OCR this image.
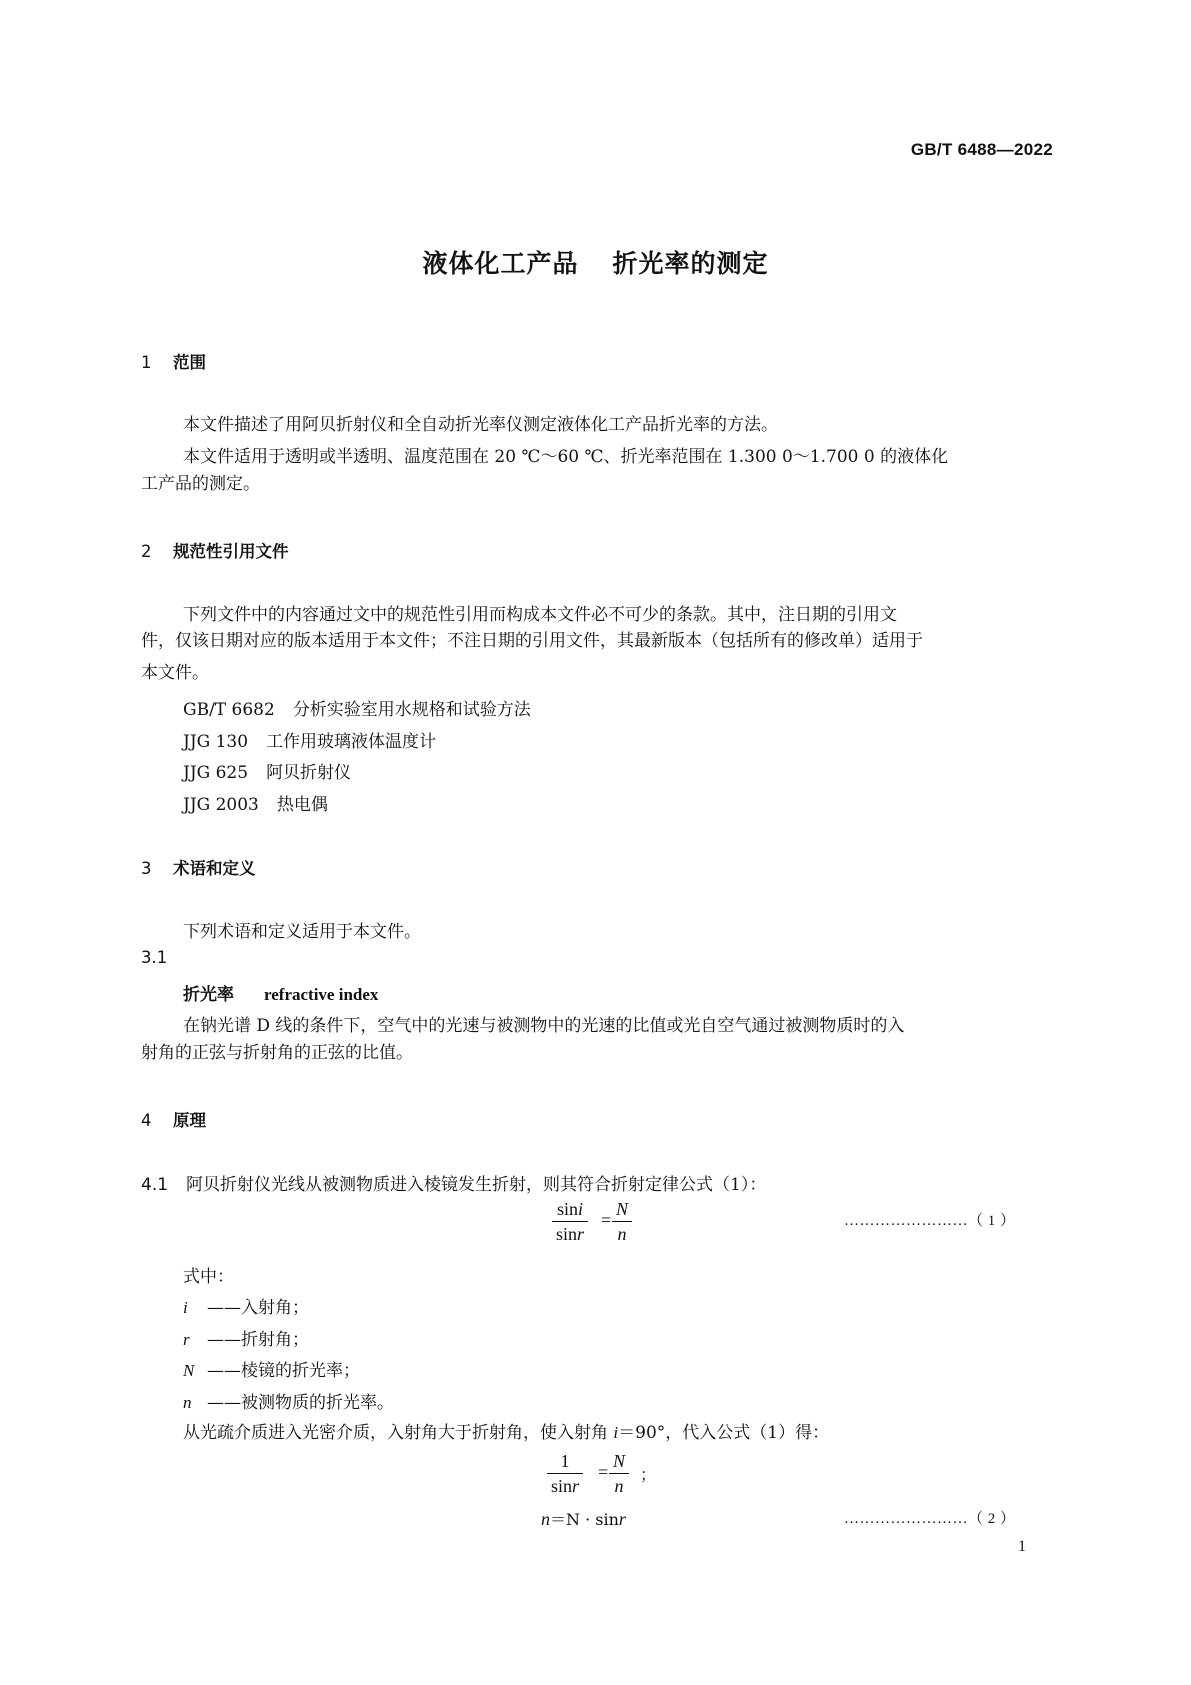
GB/T 6488—2022
液体化工产品 折光率的测定
1 范围
本文件描述了用阿贝折射仪和全自动折光率仪测定液体化工产品折光率的方法。
本文件适用于透明或半透明、温度范围在 20 ℃～60 ℃、折光率范围在 1.300 0～1.700 0 的液体化
工产品的测定。
2 规范性引用文件
下列文件中的内容通过文中的规范性引用而构成本文件必不可少的条款。其中，注日期的引用文
件，仅该日期对应的版本适用于本文件；不注日期的引用文件，其最新版本（包括所有的修改单）适用于
本文件。
GB/T 6682 分析实验室用水规格和试验方法
JJG 130 工作用玻璃液体温度计
JJG 625 阿贝折射仪
JJG 2003 热电偶
3 术语和定义
下列术语和定义适用于本文件。
3.1
折光率 refractive index
在钠光谱 D 线的条件下，空气中的光速与被测物中的光速的比值或光自空气通过被测物质时的入
射角的正弦与折射角的正弦的比值。
4 原理
4.1 阿贝折射仪光线从被测物质进入棱镜发生折射，则其符合折射定律公式（1）：
$\frac{\sin i}{\sin r} = \frac{N}{n}$	……………………（ 1 ）
式中：
i ——入射角；
r ——折射角；
N ——棱镜的折光率；
n ——被测物质的折光率。
从光疏介质进入光密介质，入射角大于折射角，使入射角 i＝90°，代入公式（1）得：
$\frac{1}{\sin r} = \frac{N}{n}$ ；
n＝N · sinr	……………………（ 2 ）
1
